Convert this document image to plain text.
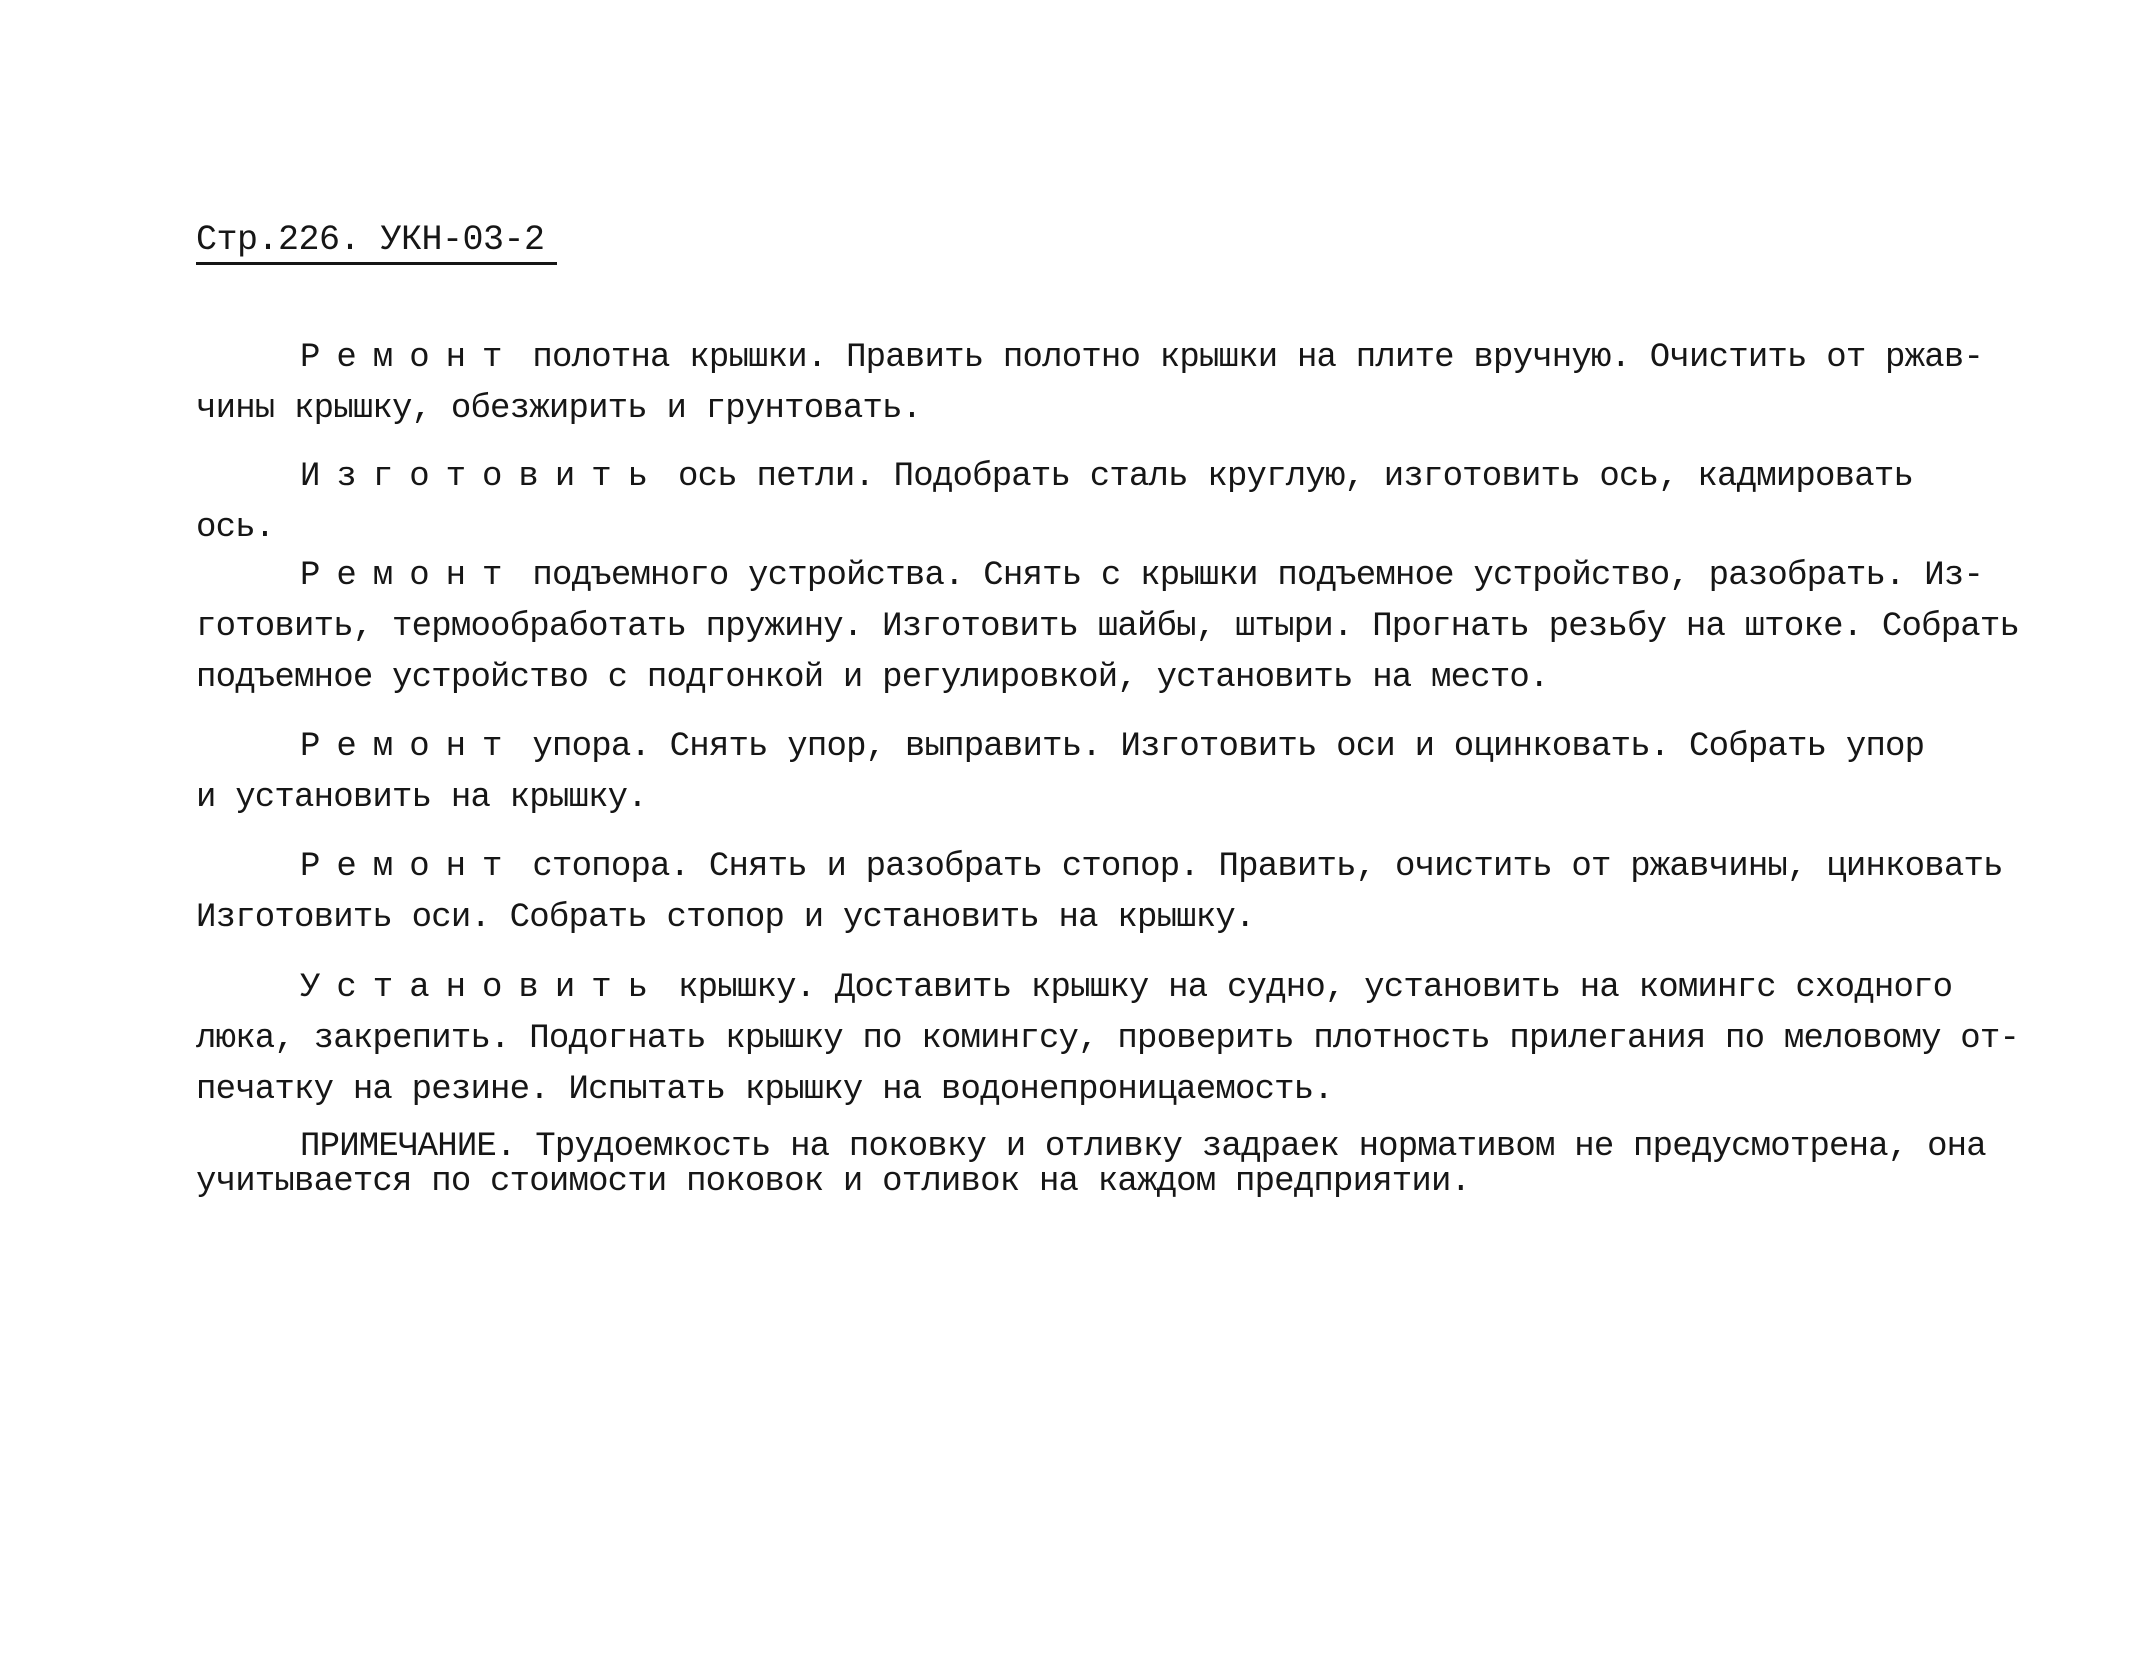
Стр.226. УКН-03-2
Ремонт полотна крышки. Править полотно крышки на плите вручную. Очистить от ржав-
чины крышку, обезжирить и грунтовать.
Изготовить ось петли. Подобрать сталь круглую, изготовить ось, кадмировать
ось.
Ремонт подъемного устройства. Снять с крышки подъемное устройство, разобрать. Из-
готовить, термообработать пружину. Изготовить шайбы, штыри. Прогнать резьбу на штоке. Собрать
подъемное устройство с подгонкой и регулировкой, установить на место.
Ремонт упора. Снять упор, выправить. Изготовить оси и оцинковать. Собрать упор
и установить на крышку.
Ремонт стопора. Снять и разобрать стопор. Править, очистить от ржавчины, цинковать
Изготовить оси. Собрать стопор и установить на крышку.
Установить крышку. Доставить крышку на судно, установить на комингс сходного
люка, закрепить. Подогнать крышку по комингсу, проверить плотность прилегания по меловому от-
печатку на резине. Испытать крышку на водонепроницаемость.
ПРИМЕЧАНИЕ. Трудоемкость на поковку и отливку задраек нормативом не предусмотрена, она
учитывается по стоимости поковок и отливок на каждом предприятии.
